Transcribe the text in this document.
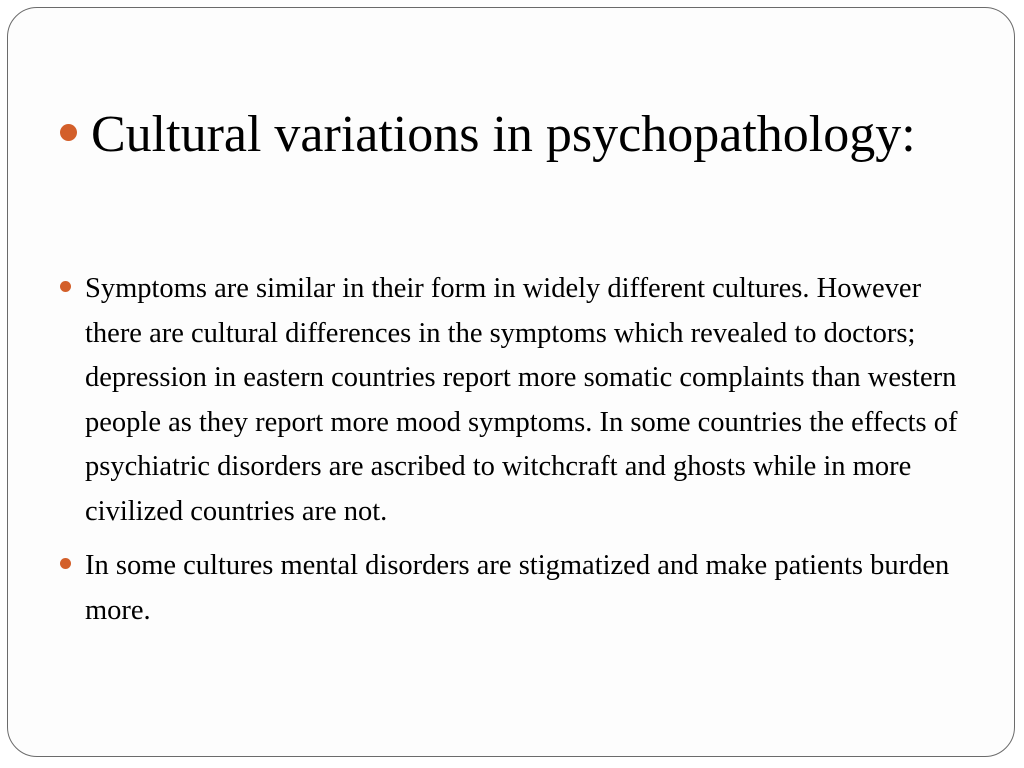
Cultural variations in psychopathology:
Symptoms are similar in their form in widely different cultures. However there are cultural differences in the symptoms which revealed to doctors; depression in eastern countries report more somatic complaints than western people as they report more mood symptoms. In some countries the effects of psychiatric disorders are ascribed to witchcraft and ghosts while in more civilized countries are not.
In some cultures mental disorders are stigmatized and make patients burden more.
